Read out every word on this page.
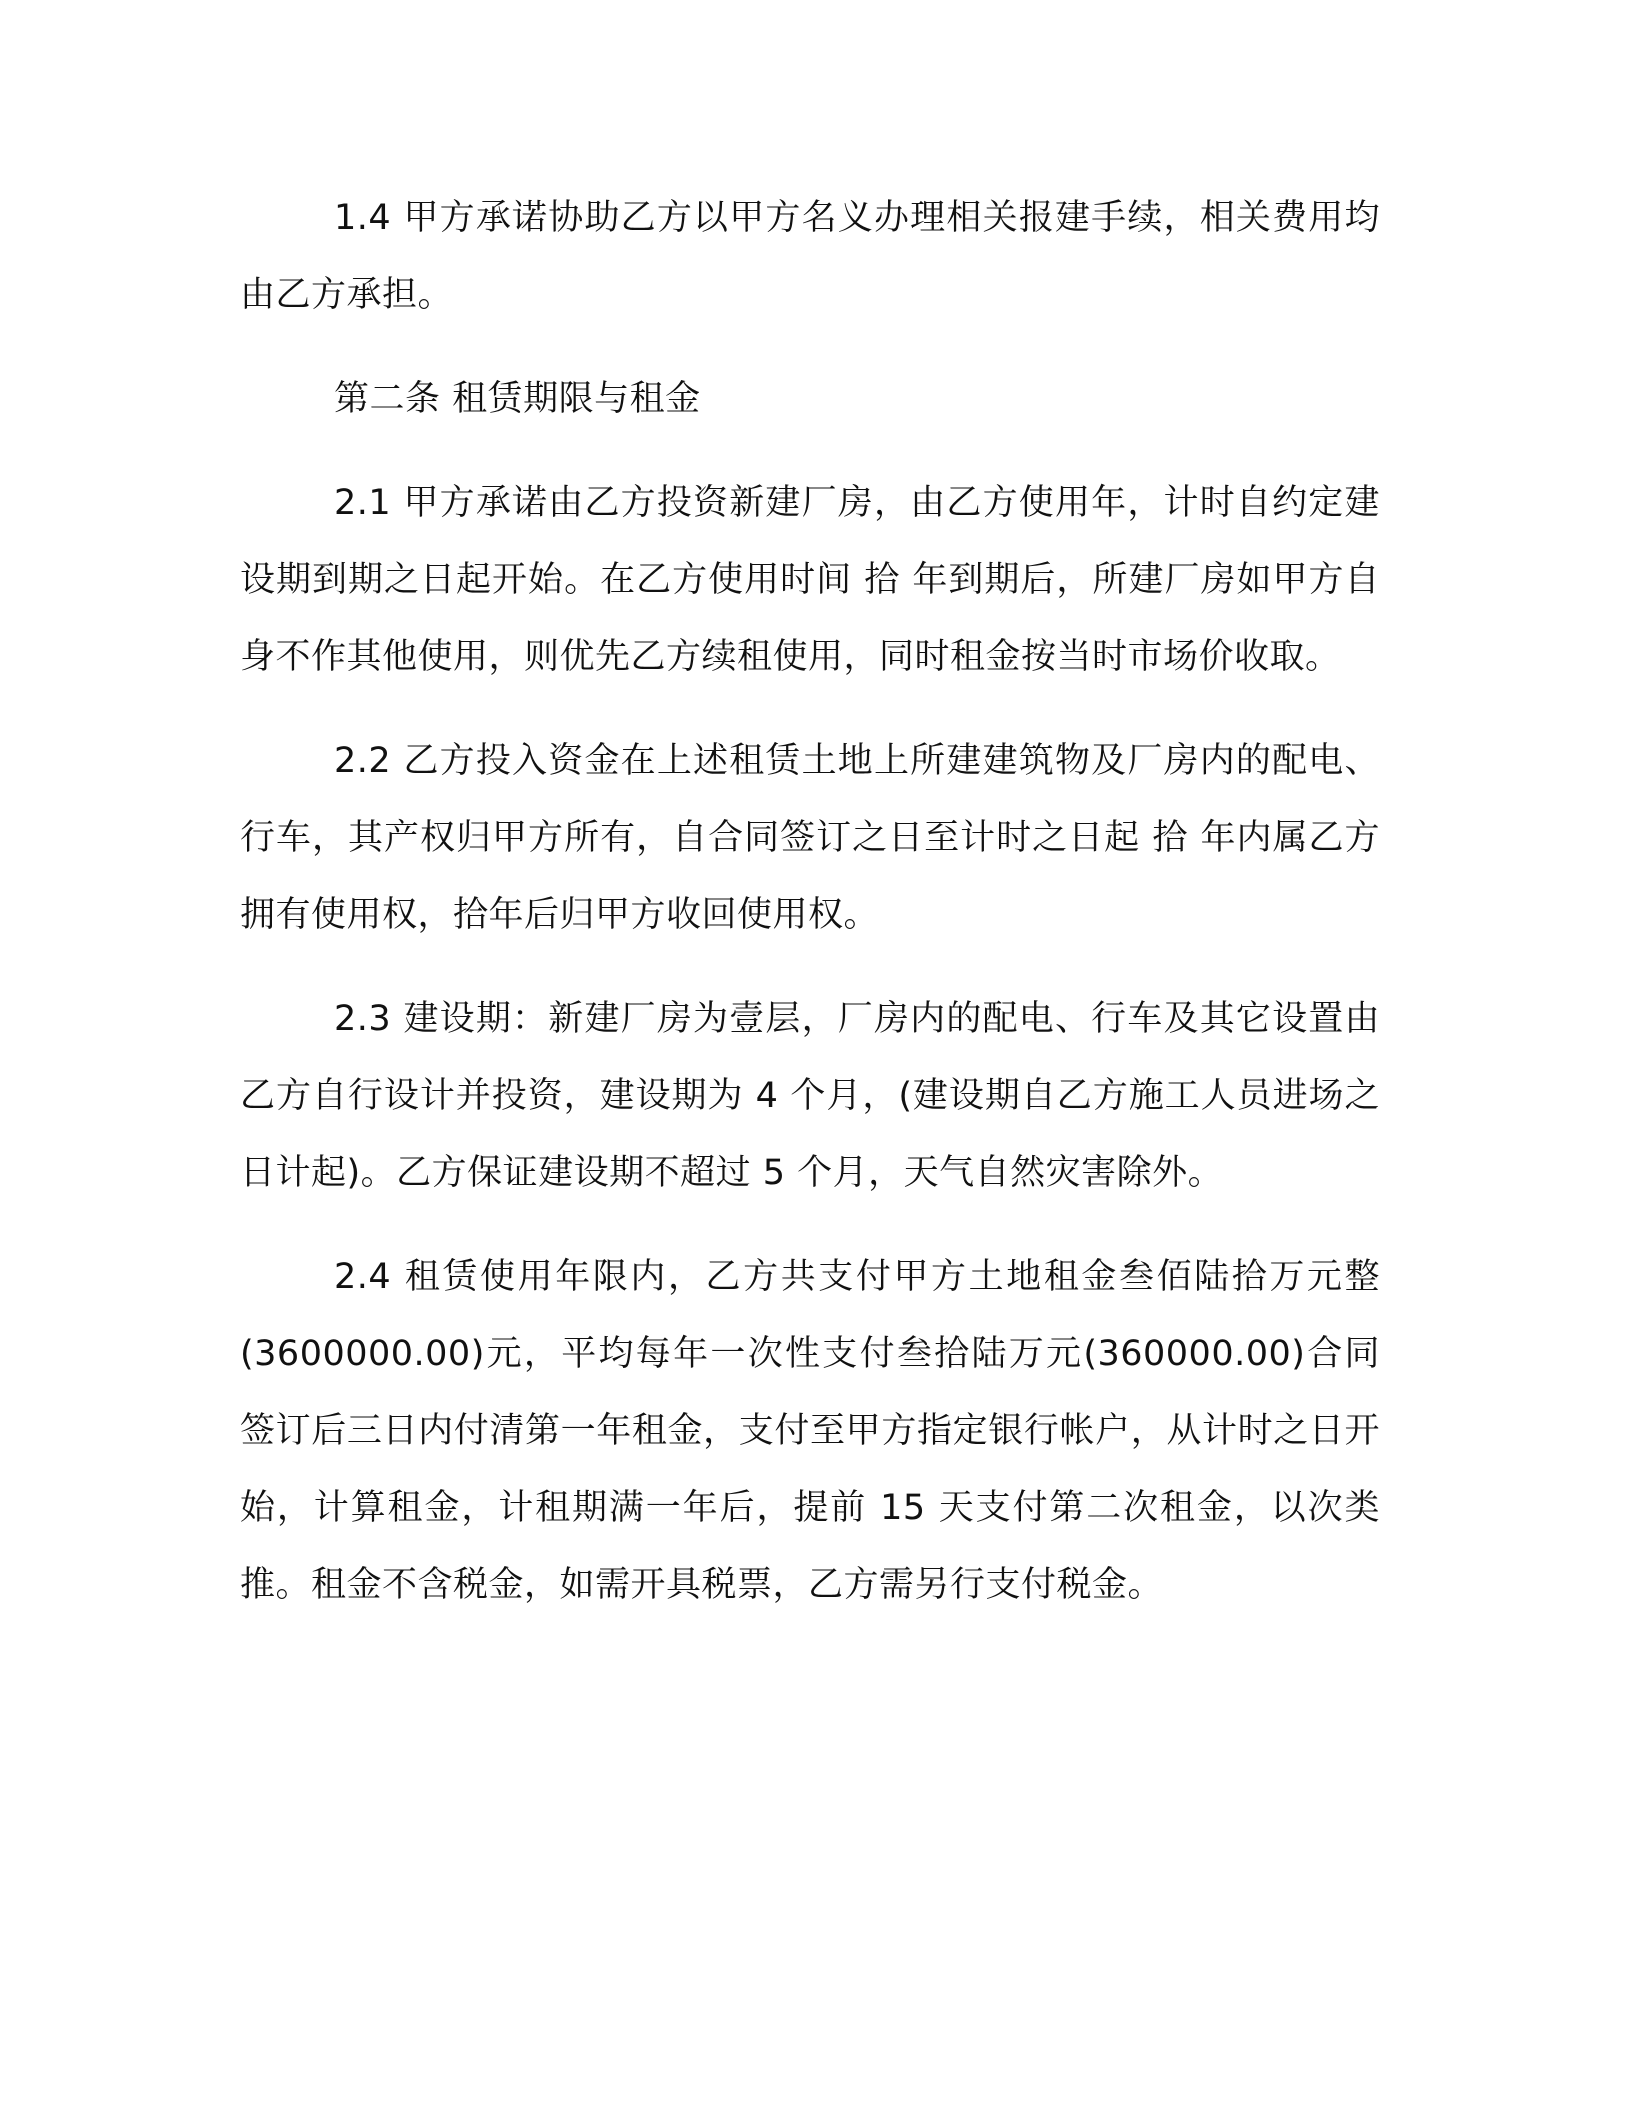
1.4 甲方承诺协助乙方以甲方名义办理相关报建手续，相关费用均由乙方承担。

第二条 租赁期限与租金

2.1 甲方承诺由乙方投资新建厂房，由乙方使用年，计时自约定建设期到期之日起开始。在乙方使用时间 拾 年到期后，所建厂房如甲方自身不作其他使用，则优先乙方续租使用，同时租金按当时市场价收取。

2.2 乙方投入资金在上述租赁土地上所建建筑物及厂房内的配电、行车，其产权归甲方所有，自合同签订之日至计时之日起 拾 年内属乙方拥有使用权，拾年后归甲方收回使用权。

2.3 建设期：新建厂房为壹层，厂房内的配电、行车及其它设置由乙方自行设计并投资，建设期为 4 个月，(建设期自乙方施工人员进场之日计起)。乙方保证建设期不超过 5 个月，天气自然灾害除外。

2.4 租赁使用年限内，乙方共支付甲方土地租金叁佰陆拾万元整(3600000.00)元，平均每年一次性支付叁拾陆万元(360000.00)合同签订后三日内付清第一年租金，支付至甲方指定银行帐户，从计时之日开始，计算租金，计租期满一年后，提前 15 天支付第二次租金，以次类推。租金不含税金，如需开具税票，乙方需另行支付税金。
